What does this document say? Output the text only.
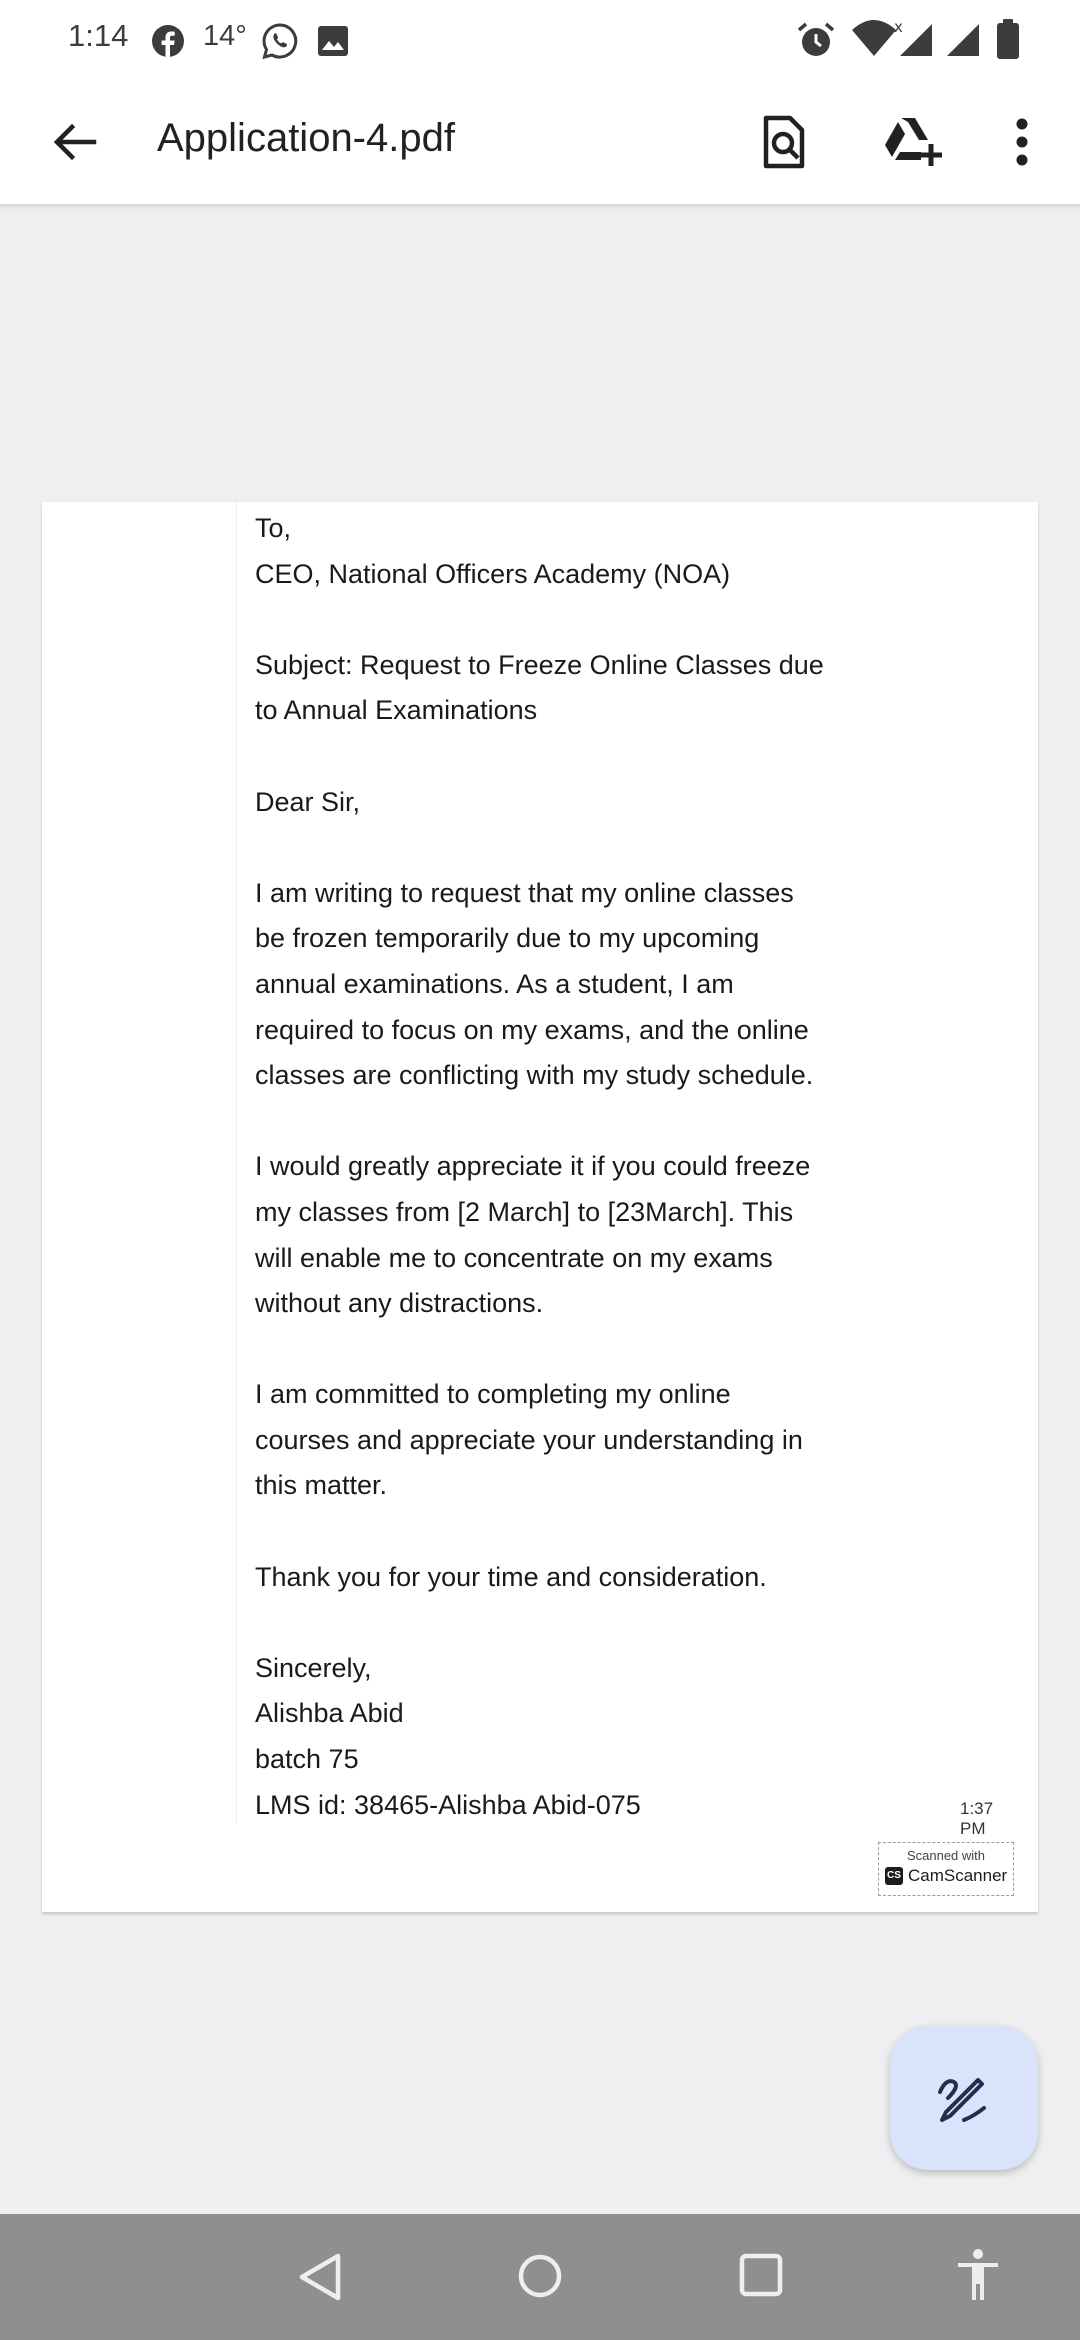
1:14	14°	x
Application-4.pdf
To,
CEO, National Officers Academy (NOA)
Subject: Request to Freeze Online Classes due
to Annual Examinations
Dear Sir,
I am writing to request that my online classes
be frozen temporarily due to my upcoming
annual examinations. As a student, I am
required to focus on my exams, and the online
classes are conflicting with my study schedule.
I would greatly appreciate it if you could freeze
my classes from [2 March] to [23March]. This
will enable me to concentrate on my exams
without any distractions.
I am committed to completing my online
courses and appreciate your understanding in
this matter.
Thank you for your time and consideration.
Sincerely,
Alishba Abid
batch 75
LMS id: 38465-Alishba Abid-075	1:37 PM
Scanned with
CS CamScanner
